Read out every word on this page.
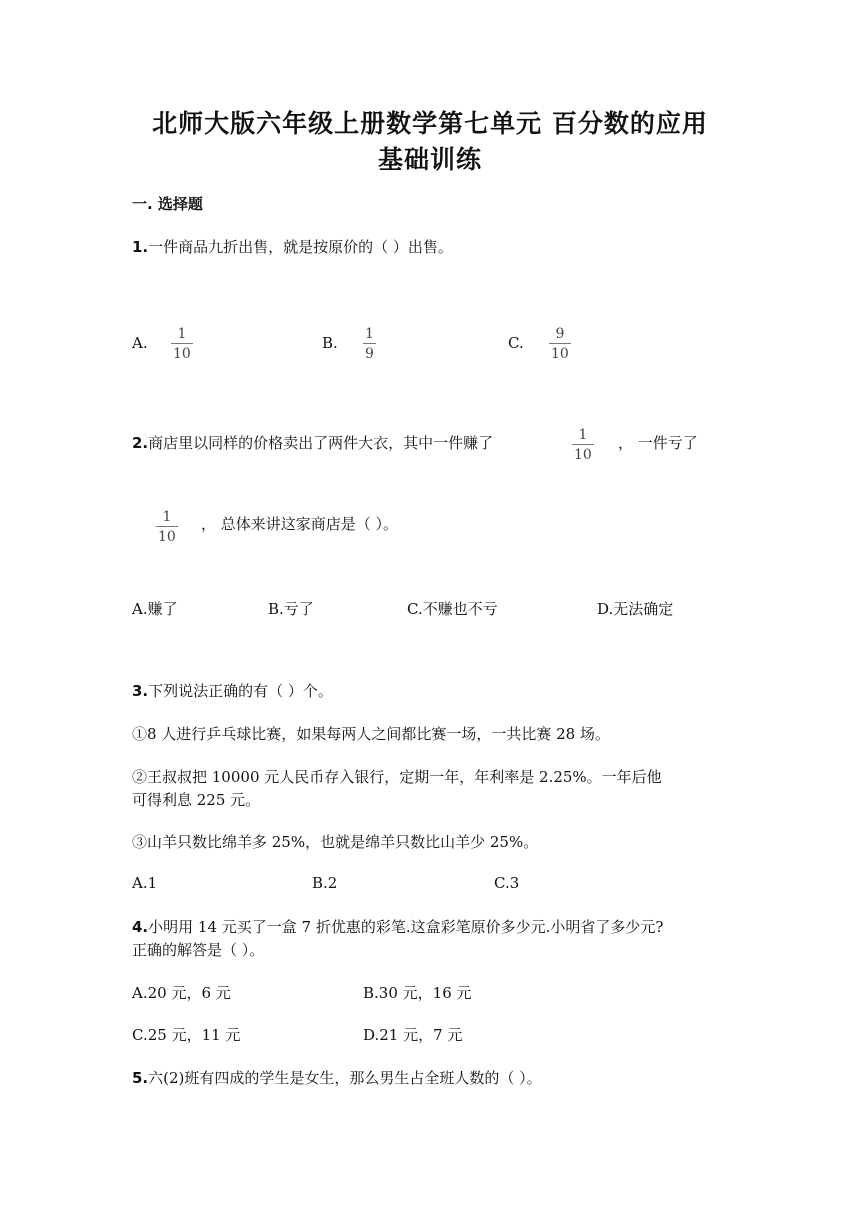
北师大版六年级上册数学第七单元 百分数的应用
基础训练
一. 选择题
1.一件商品九折出售，就是按原价的（ ）出售。
A.	1
10
B. 1
9
C.	9
10
2.商店里以同样的价格卖出了两件大衣，其中一件赚了	1
10
， 一件亏了
1
10
， 总体来讲这家商店是（ ）。
A.赚了	B.亏了	C.不赚也不亏	D.无法确定
3.下列说法正确的有（ ）个。
①8 人进行乒乓球比赛，如果每两人之间都比赛一场，一共比赛 28 场。
②王叔叔把 10000 元人民币存入银行，定期一年，年利率是 2.25%。一年后他
可得利息 225 元。
③山羊只数比绵羊多 25%，也就是绵羊只数比山羊少 25%。
A.1	B.2	C.3
4.小明用 14 元买了一盒 7 折优惠的彩笔.这盒彩笔原价多少元.小明省了多少元?
正确的解答是（ ）。
A.20 元，6 元	B.30 元，16 元
C.25 元，11 元	D.21 元，7 元
5.六(2)班有四成的学生是女生，那么男生占全班人数的（ ）。
